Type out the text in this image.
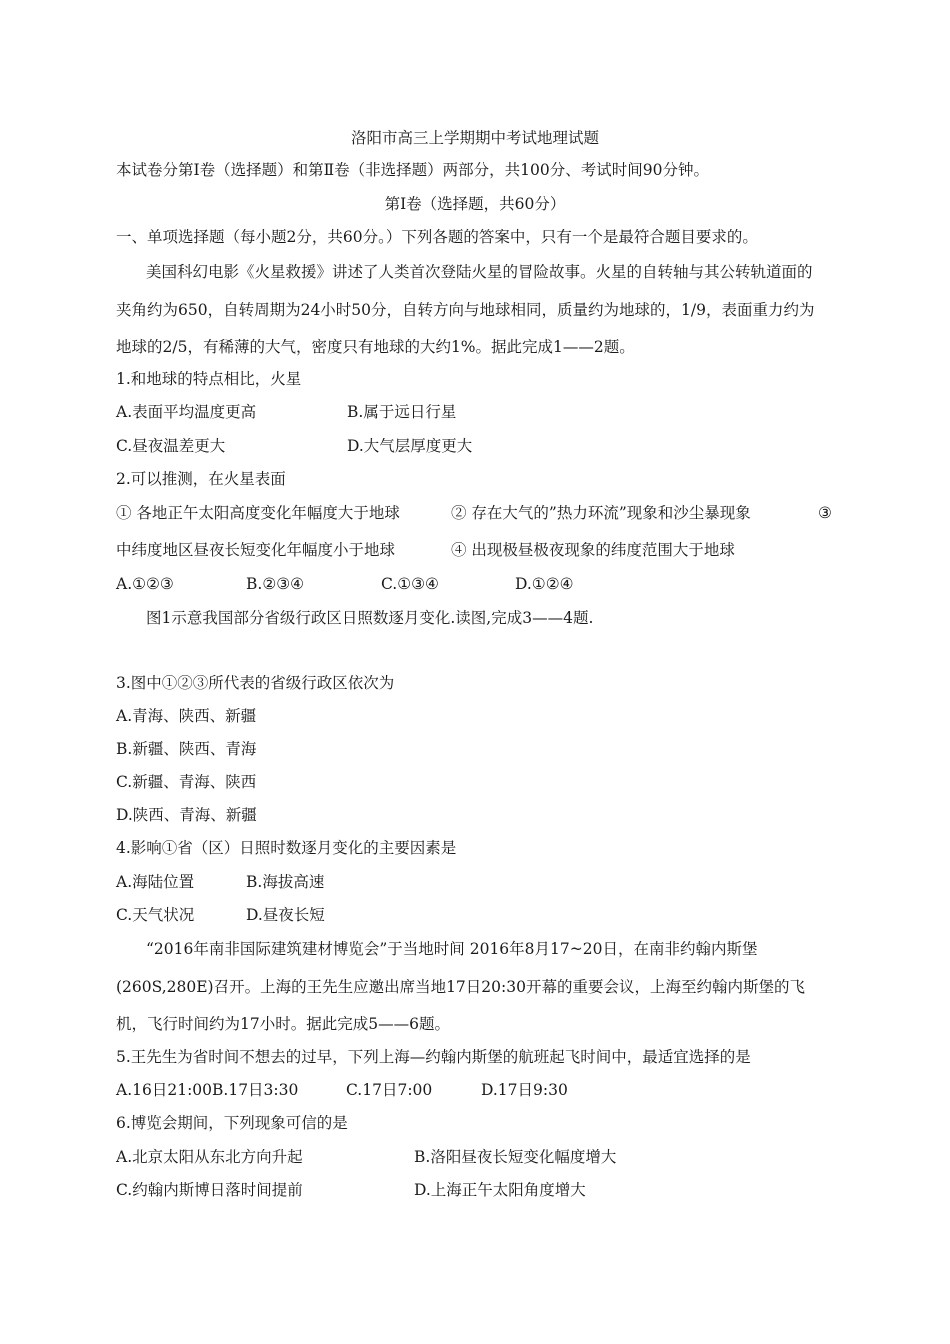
洛阳市高三上学期期中考试地理试题
本试卷分第Ⅰ卷（选择题）和第Ⅱ卷（非选择题）两部分，共100分、考试时间90分钟。
第Ⅰ卷（选择题，共60分）
一、单项选择题（每小题2分，共60分。）下列各题的答案中，只有一个是最符合题目要求的。
美国科幻电影《火星救援》讲述了人类首次登陆火星的冒险故事。火星的自转轴与其公转轨道面的
夹角约为650，自转周期为24小时50分，自转方向与地球相同，质量约为地球的，1/9，表面重力约为
地球的2/5，有稀薄的大气，密度只有地球的大约1%。据此完成1——2题。
1.和地球的特点相比，火星
A.表面平均温度更高	B.属于远日行星
C.昼夜温差更大	D.大气层厚度更大
2.可以推测，在火星表面
① 各地正午太阳高度变化年幅度大于地球	② 存在大气的”热力环流”现象和沙尘暴现象	③
中纬度地区昼夜长短变化年幅度小于地球	④ 出现极昼极夜现象的纬度范围大于地球
A.①②③	B.②③④	C.①③④	D.①②④
图1示意我国部分省级行政区日照数逐月变化.读图,完成3——4题.
3.图中①②③所代表的省级行政区依次为
A.青海、陕西、新疆
B.新疆、陕西、青海
C.新疆、青海、陕西
D.陕西、青海、新疆
4.影响①省（区）日照时数逐月变化的主要因素是
A.海陆位置	B.海拔高速
C.天气状况	D.昼夜长短
“2016年南非国际建筑建材博览会”于当地时间 2016年8月17~20日，在南非约翰内斯堡
(260S,280E)召开。上海的王先生应邀出席当地17日20:30开幕的重要会议，上海至约翰内斯堡的飞
机，飞行时间约为17小时。据此完成5——6题。
5.王先生为省时间不想去的过早，下列上海—约翰内斯堡的航班起飞时间中，最适宜选择的是
A.16日21:00B.17日3:30	C.17日7:00	D.17日9:30
6.博览会期间，下列现象可信的是
A.北京太阳从东北方向升起	B.洛阳昼夜长短变化幅度增大
C.约翰内斯博日落时间提前	D.上海正午太阳角度增大
